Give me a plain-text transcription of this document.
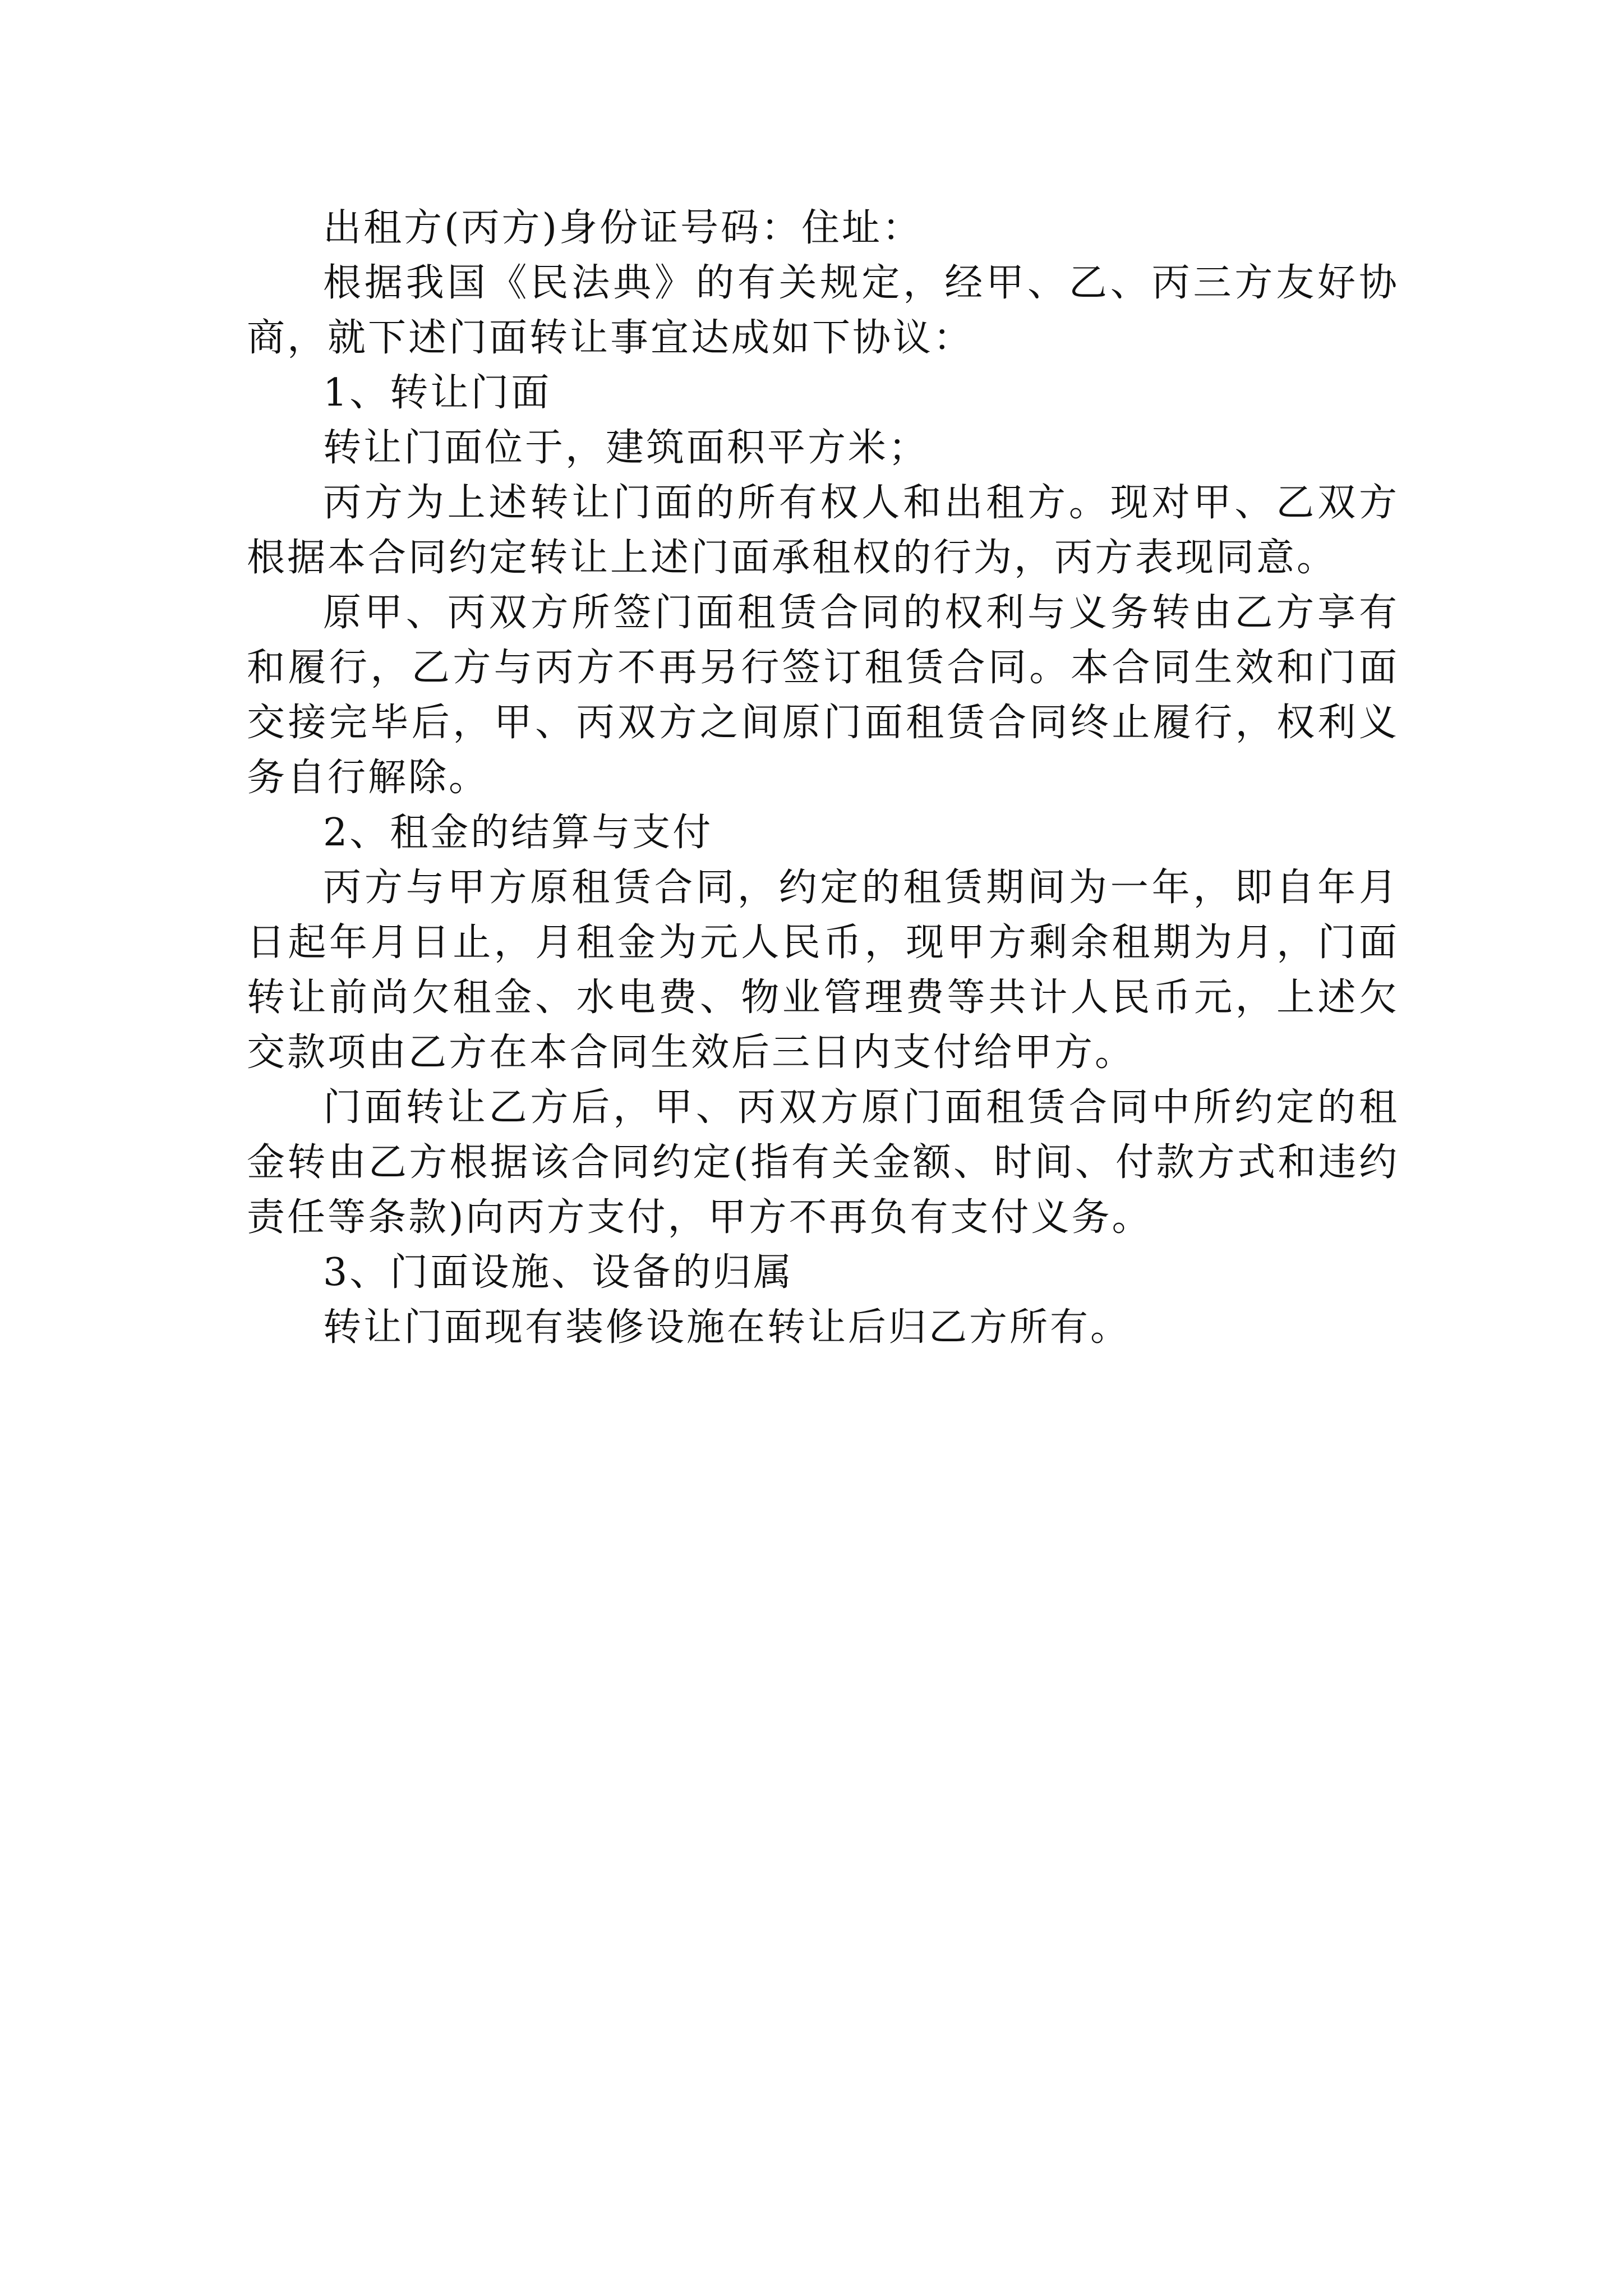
出租方(丙方)身份证号码：住址：

根据我国《民法典》的有关规定，经甲、乙、丙三方友好协商，就下述门面转让事宜达成如下协议：

1、转让门面

转让门面位于，建筑面积平方米；

丙方为上述转让门面的所有权人和出租方。现对甲、乙双方根据本合同约定转让上述门面承租权的行为，丙方表现同意。

原甲、丙双方所签门面租赁合同的权利与义务转由乙方享有和履行，乙方与丙方不再另行签订租赁合同。本合同生效和门面交接完毕后，甲、丙双方之间原门面租赁合同终止履行，权利义务自行解除。

2、租金的结算与支付

丙方与甲方原租赁合同，约定的租赁期间为一年，即自年月日起年月日止，月租金为元人民币，现甲方剩余租期为月，门面转让前尚欠租金、水电费、物业管理费等共计人民币元，上述欠交款项由乙方在本合同生效后三日内支付给甲方。

门面转让乙方后，甲、丙双方原门面租赁合同中所约定的租金转由乙方根据该合同约定(指有关金额、时间、付款方式和违约责任等条款)向丙方支付，甲方不再负有支付义务。

3、门面设施、设备的归属

转让门面现有装修设施在转让后归乙方所有。
